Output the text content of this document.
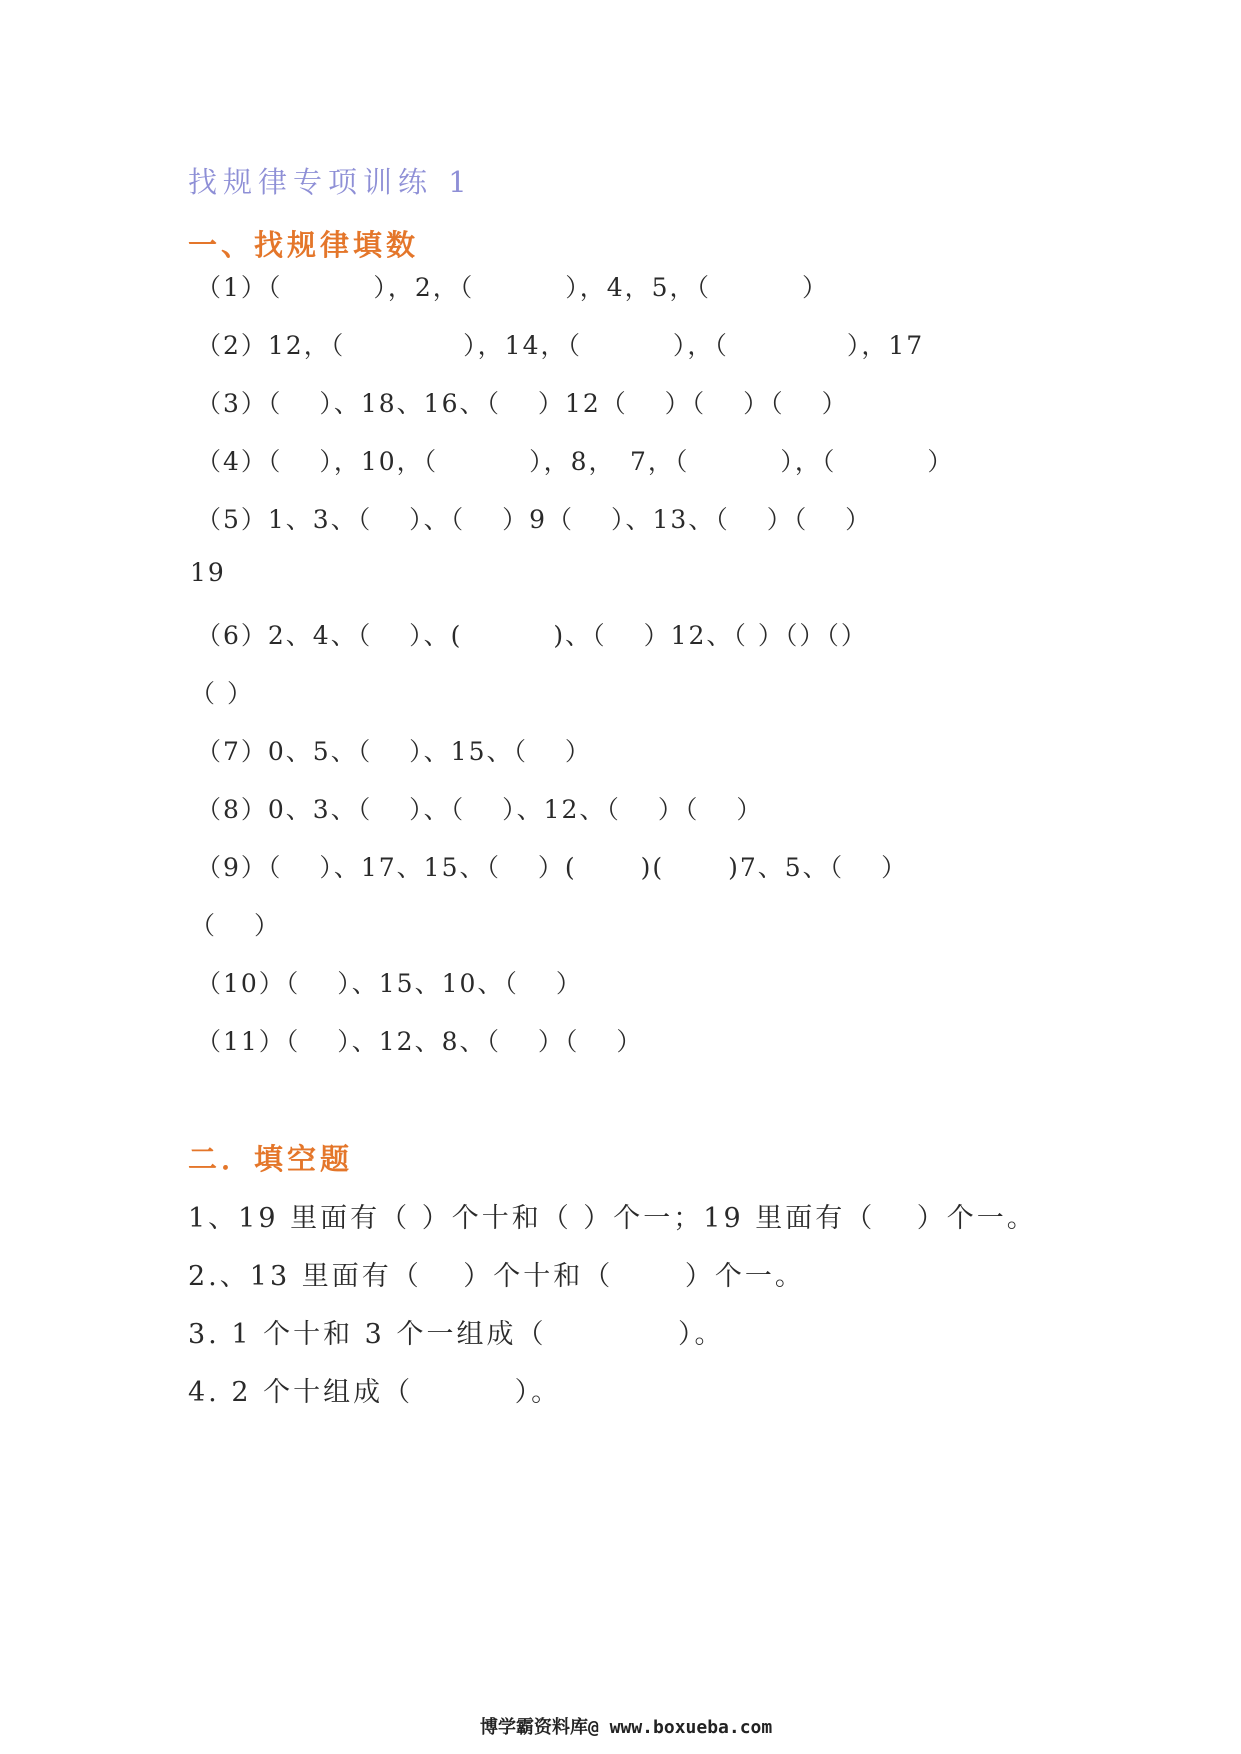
找规律专项训练 1
一、找规律填数
（1）（　　　 ），2，（　　　 ），4，5，（　　　 ）
（2）12，（　　　　 ），14，（　　　 ），（　　　　 ），17
（3）（　 ）、18、16、（　 ）12（　 ）（　 ）（　 ）
（4）（　 ），10，（　　　 ），8，　7，（　　　 ），（　　　 ）
（5）1、3、（　 ）、（　 ）9（　 ）、13、（　 ）（　 ）
19
（6）2、4、（　 ）、(　　　 )、（　 ）12、（ ）（）（）
（ ）
（7）0、5、（　 ）、15、（　 ）
（8）0、3、（　 ）、（　 ）、12、（　 ）（　 ）
（9）（　 ）、17、15、（　 ）(　　 )(　　 )7、5、（　 ）
（　 ）
（10）（　 ）、15、10、（　 ）
（11）（　 ）、12、8、（　 ）（　 ）
二．填空题
1、19 里面有（ ）个十和（ ）个一；19 里面有（　 ）个一。
2.、13 里面有（　 ）个十和（　　 ）个一。
3. 1 个十和 3 个一组成（　　　　 ）。
4. 2 个十组成（　　　 ）。
博学霸资料库@ www.boxueba.com
